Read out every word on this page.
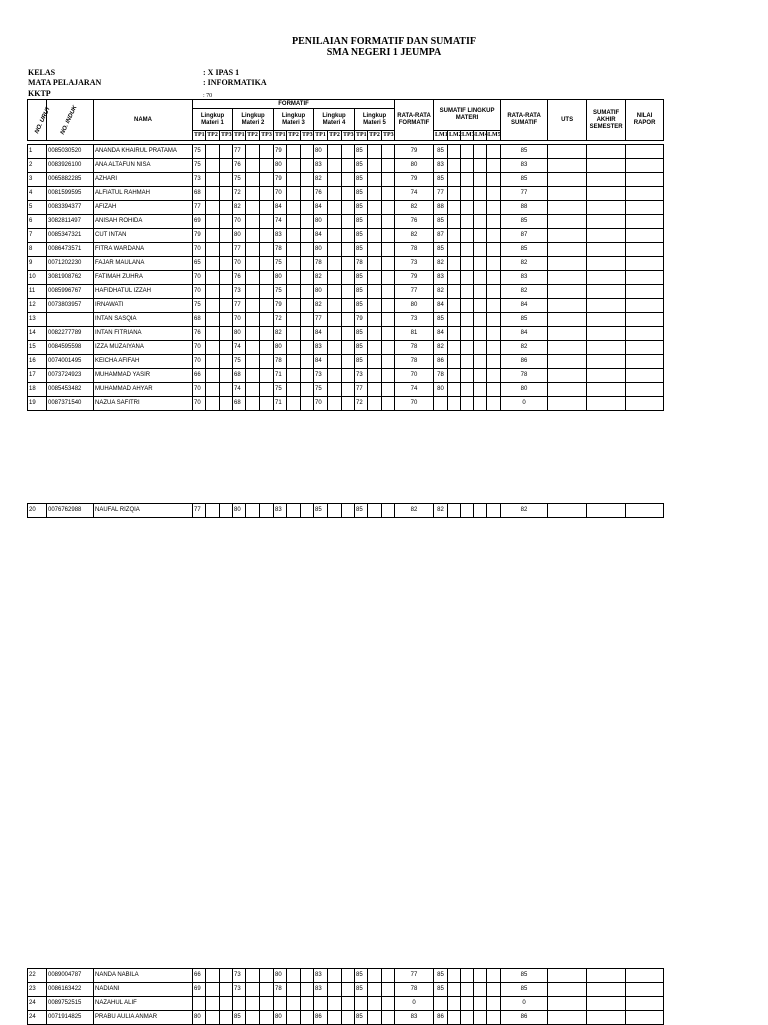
PENILAIAN FORMATIF DAN SUMATIF
SMA NEGERI 1 JEUMPA
KELAS	: X IPAS 1
MATA PELAJARAN	: INFORMATIKA
KKTP	: 70
NO. URUT	NO. INDUK	NAMA	FORMATIF															RATA-RATA FORMATIF	SUMATIF LINGKUP MATERI					RATA-RATA SUMATIF	UTS	SUMATIF AKHIR SEMESTER	NILAI RAPOR
			Lingkup Materi 1			Lingkup Materi 2			Lingkup Materi 3			Lingkup Materi 4			Lingkup Materi 5												
			TP1	TP2	TP3	TP1	TP2	TP3	TP1	TP2	TP3	TP1	TP2	TP3	TP1	TP2	TP3		LM1	LM2	LM3	LM4	LM5				
1	0085030520	ANANDA KHAIRUL PRATAMA	75			77			79			80			85			79	85					85			
2	0083926100	ANA ALTAFUN NISA	75			76			80			83			85			80	83					83			
3	0065882285	AZHARI	73			75			79			82			85			79	85					85			
4	0081599595	ALFIATUL RAHMAH	68			72			70			76			85			74	77					77			
5	0083394377	AFIZAH	77			82			84			84			85			82	88					88			
6	3082811497	ANISAH ROHIDA	69			70			74			80			85			76	85					85			
7	0085347321	CUT INTAN	79			80			83			84			85			82	87					87			
8	0086473571	FITRA WARDANA	70			77			78			80			85			78	85					85			
9	0071202230	FAJAR MAULANA	65			70			75			78			78			73	82					82			
10	3081908762	FATIMAH ZUHRA	70			76			80			82			85			79	83					83			
11	0085996767	HAFIDHATUL IZZAH	70			73			75			80			85			77	82					82			
12	0073803957	IRNAWATI	75			77			79			82			85			80	84					84			
13		INTAN SASQIA	68			70			72			77			79			73	85					85			
14	0082277789	INTAN FITRIANA	76			80			82			84			85			81	84					84			
15	0084595598	IZZA MUZAIYANA	70			74			80			83			85			78	82					82			
16	0074001495	KEICHA AFIFAH	70			75			78			84			85			78	86					86			
17	0073724923	MUHAMMAD YASIR	66			68			71			73			73			70	78					78			
18	0085453482	MUHAMMAD AHYAR	70			74			75			75			77			74	80					80			
19	0087371540	NAZUA SAFITRI	70			68			71			70			72			70						0			
20	0076762988	NAUFAL RIZQIA	77			80			83			85			85			82	82					82			
22	0089004787	NANDA NABILA	66			73			80			83			85			77	85					85			
23	0086163422	NADIANI	69			73			78			83			85			78	85					85			
24	0089752515	NAZAHUL ALIF																0						0			
24	0071914825	PRABU AULIA ANMAR	80			85			80			86			85			83	86					86			
